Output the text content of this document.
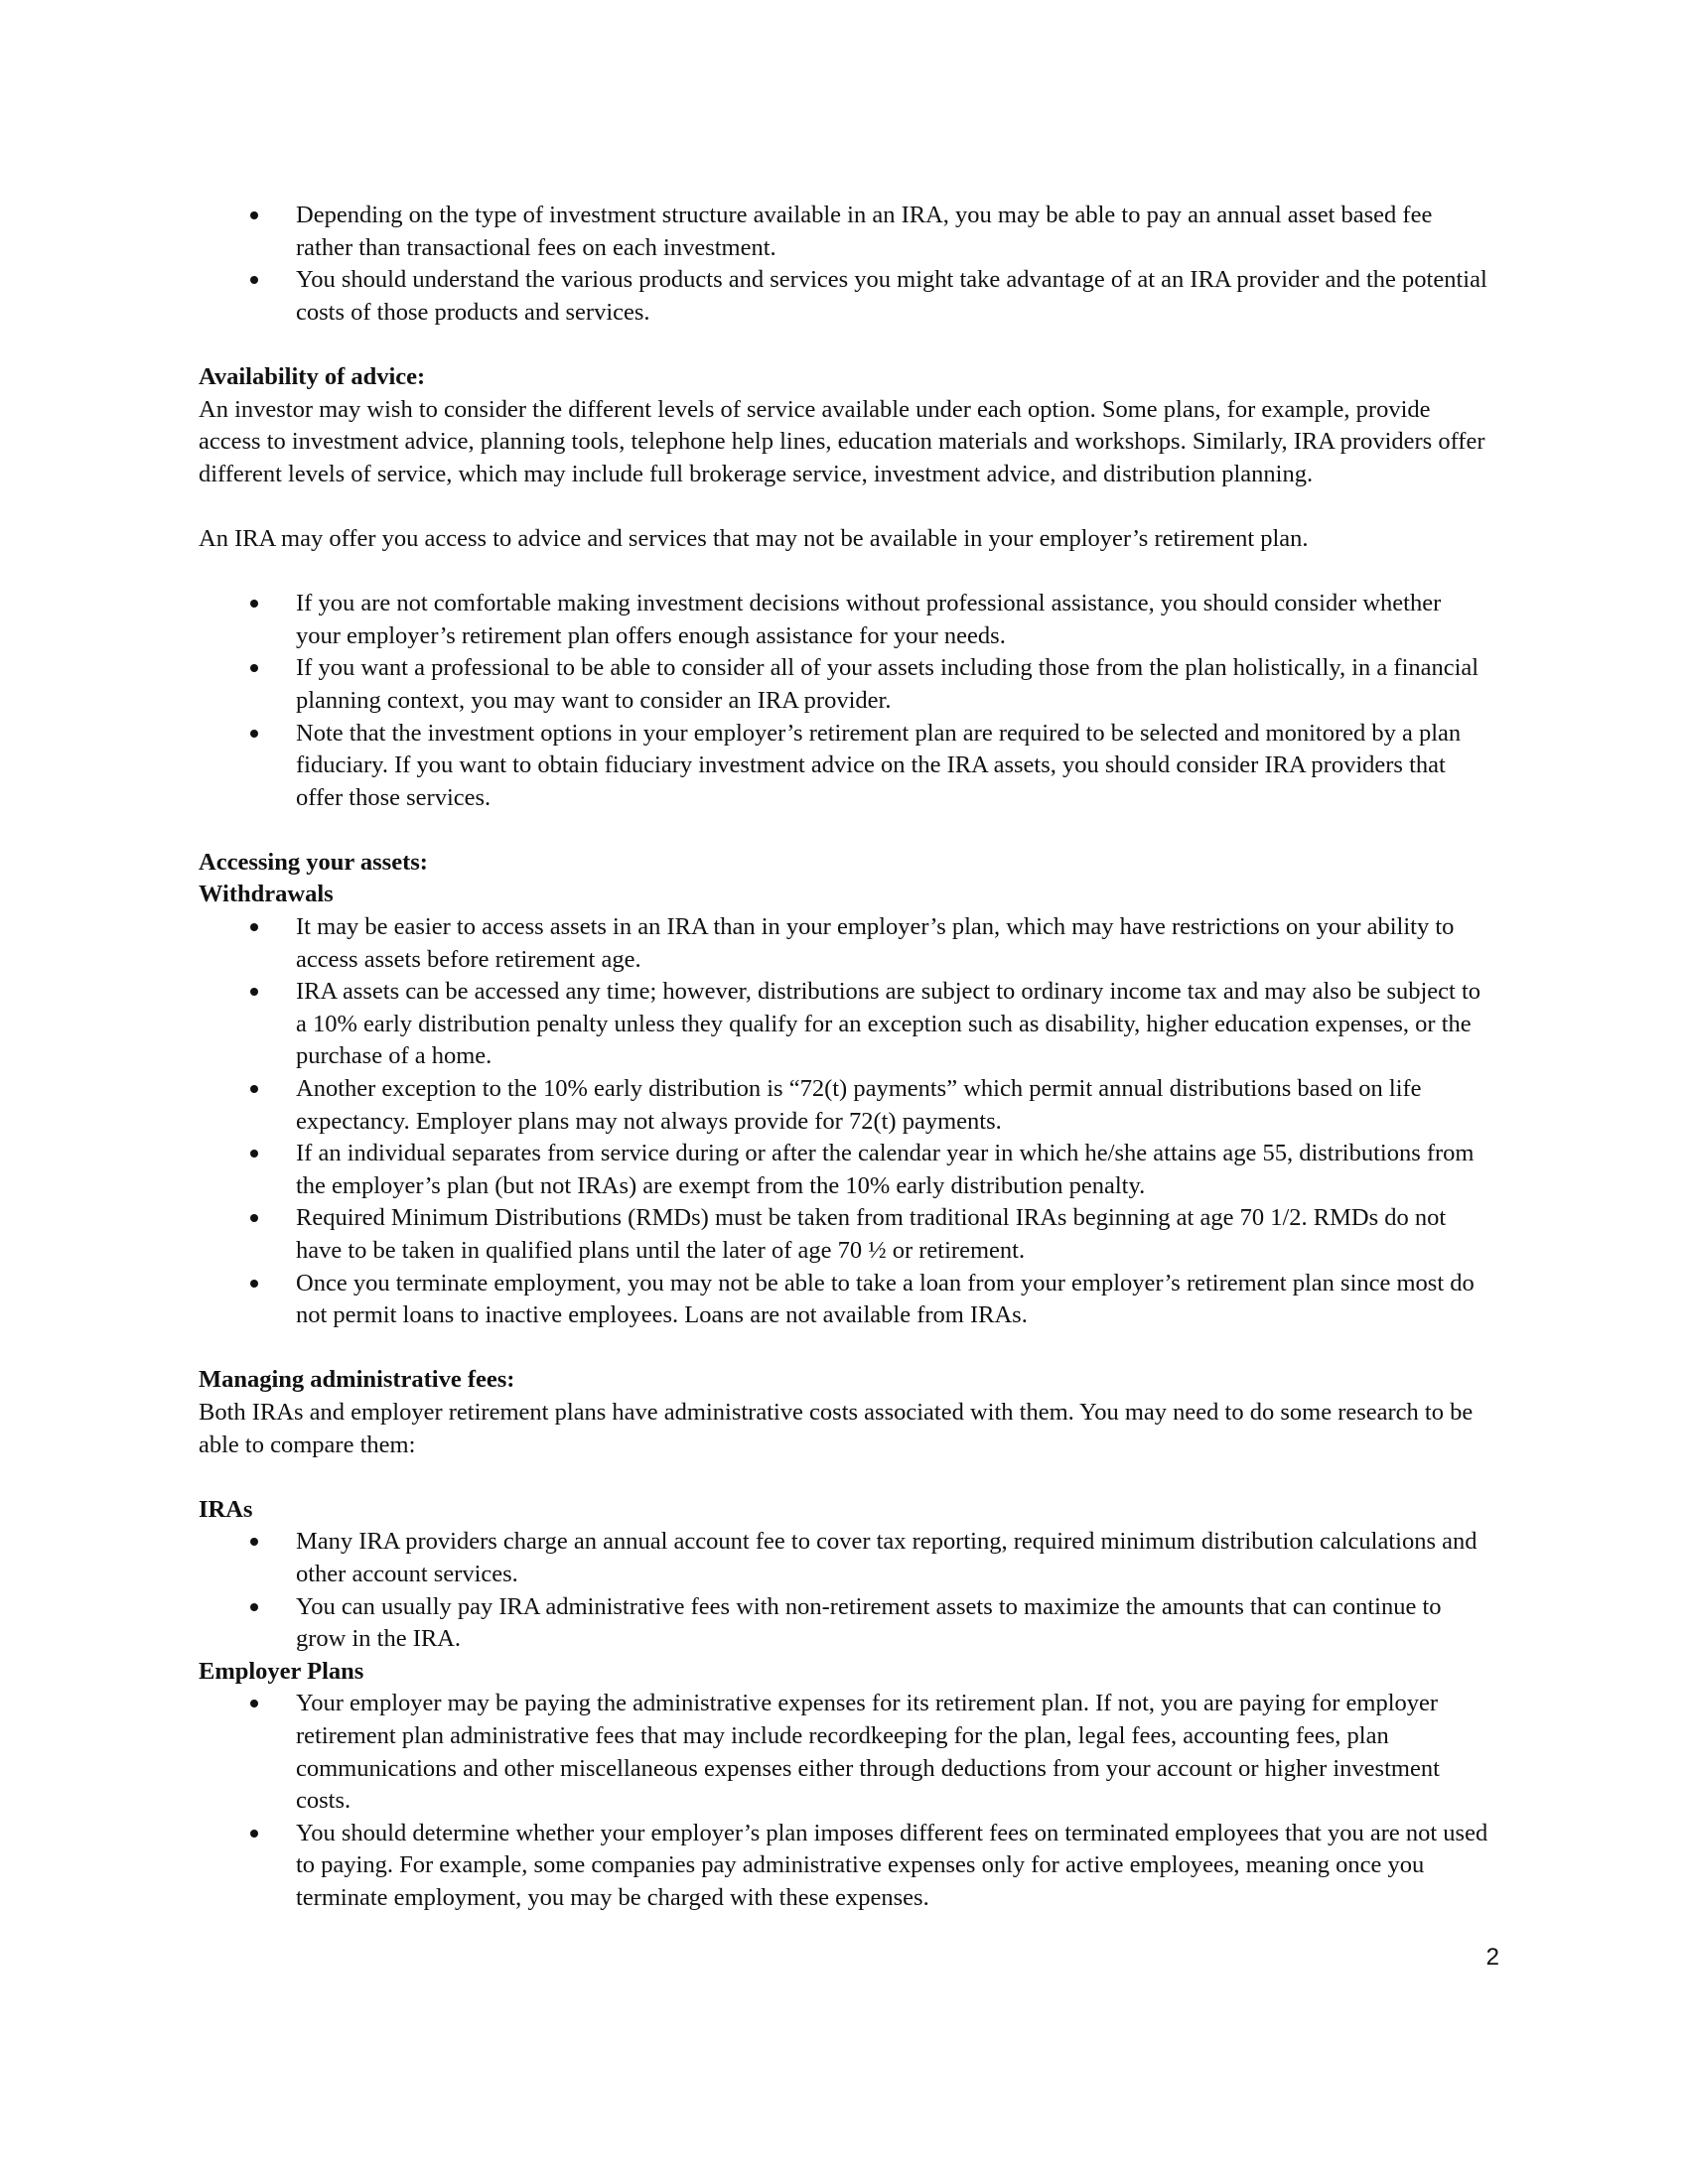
Depending on the type of investment structure available in an IRA, you may be able to pay an annual asset based fee rather than transactional fees on each investment.
You should understand the various products and services you might take advantage of at an IRA provider and the potential costs of those products and services.

Availability of advice:

An investor may wish to consider the different levels of service available under each option. Some plans, for example, provide access to investment advice, planning tools, telephone help lines, education materials and workshops. Similarly, IRA providers offer different levels of service, which may include full brokerage service, investment advice, and distribution planning.

An IRA may offer you access to advice and services that may not be available in your employer’s retirement plan.

If you are not comfortable making investment decisions without professional assistance, you should consider whether your employer’s retirement plan offers enough assistance for your needs.
If you want a professional to be able to consider all of your assets including those from the plan holistically, in a financial planning context, you may want to consider an IRA provider.
Note that the investment options in your employer’s retirement plan are required to be selected and monitored by a plan fiduciary. If you want to obtain fiduciary investment advice on the IRA assets, you should consider IRA providers that offer those services.

Accessing your assets:

Withdrawals

It may be easier to access assets in an IRA than in your employer’s plan, which may have restrictions on your ability to access assets before retirement age.
IRA assets can be accessed any time; however, distributions are subject to ordinary income tax and may also be subject to a 10% early distribution penalty unless they qualify for an exception such as disability, higher education expenses, or the purchase of a home.
Another exception to the 10% early distribution is “72(t) payments” which permit annual distributions based on life expectancy. Employer plans may not always provide for 72(t) payments.
If an individual separates from service during or after the calendar year in which he/she attains age 55, distributions from the employer’s plan (but not IRAs) are exempt from the 10% early distribution penalty.
Required Minimum Distributions (RMDs) must be taken from traditional IRAs beginning at age 70 1/2. RMDs do not have to be taken in qualified plans until the later of age 70 ½ or retirement.
Once you terminate employment, you may not be able to take a loan from your employer’s retirement plan since most do not permit loans to inactive employees. Loans are not available from IRAs.

Managing administrative fees:

Both IRAs and employer retirement plans have administrative costs associated with them. You may need to do some research to be able to compare them:

IRAs

Many IRA providers charge an annual account fee to cover tax reporting, required minimum distribution calculations and other account services.
You can usually pay IRA administrative fees with non-retirement assets to maximize the amounts that can continue to grow in the IRA.

Employer Plans

Your employer may be paying the administrative expenses for its retirement plan. If not, you are paying for employer retirement plan administrative fees that may include recordkeeping for the plan, legal fees, accounting fees, plan communications and other miscellaneous expenses either through deductions from your account or higher investment costs.
You should determine whether your employer’s plan imposes different fees on terminated employees that you are not used to paying. For example, some companies pay administrative expenses only for active employees, meaning once you terminate employment, you may be charged with these expenses.
2
